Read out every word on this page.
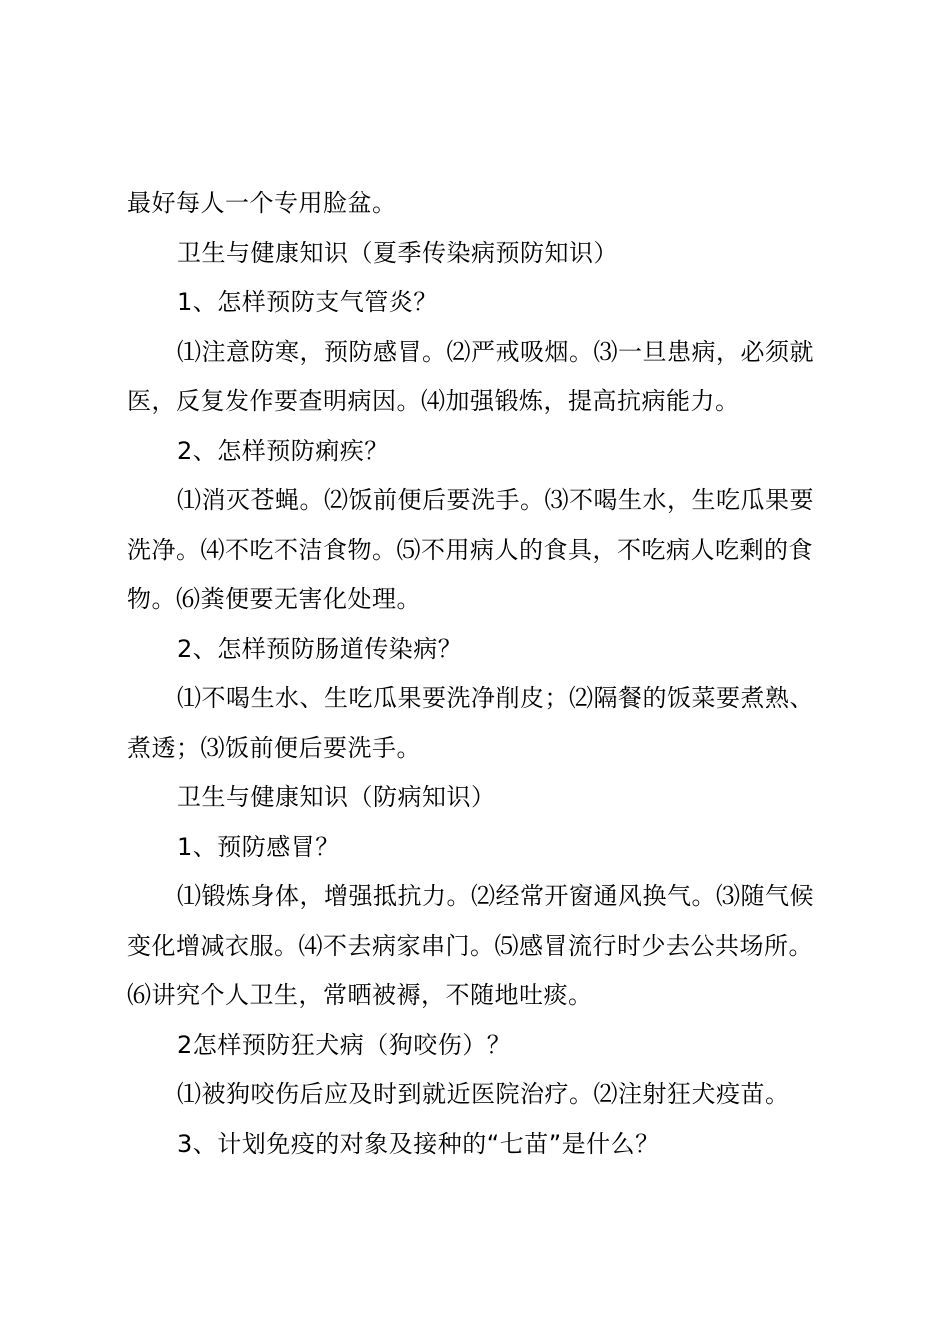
最好每人一个专用脸盆。

卫生与健康知识（夏季传染病预防知识）

1、怎样预防支气管炎？

⑴注意防寒，预防感冒。⑵严戒吸烟。⑶一旦患病，必须就医，反复发作要查明病因。⑷加强锻炼，提高抗病能力。

2、怎样预防痢疾？

⑴消灭苍蝇。⑵饭前便后要洗手。⑶不喝生水，生吃瓜果要洗净。⑷不吃不洁食物。⑸不用病人的食具，不吃病人吃剩的食物。⑹粪便要无害化处理。

2、怎样预防肠道传染病？

⑴不喝生水、生吃瓜果要洗净削皮；⑵隔餐的饭菜要煮熟、煮透；⑶饭前便后要洗手。

卫生与健康知识（防病知识）

1、预防感冒？

⑴锻炼身体，增强抵抗力。⑵经常开窗通风换气。⑶随气候变化增减衣服。⑷不去病家串门。⑸感冒流行时少去公共场所。⑹讲究个人卫生，常晒被褥，不随地吐痰。

2怎样预防狂犬病（狗咬伤）？

⑴被狗咬伤后应及时到就近医院治疗。⑵注射狂犬疫苗。

3、计划免疫的对象及接种的“七苗”是什么？
